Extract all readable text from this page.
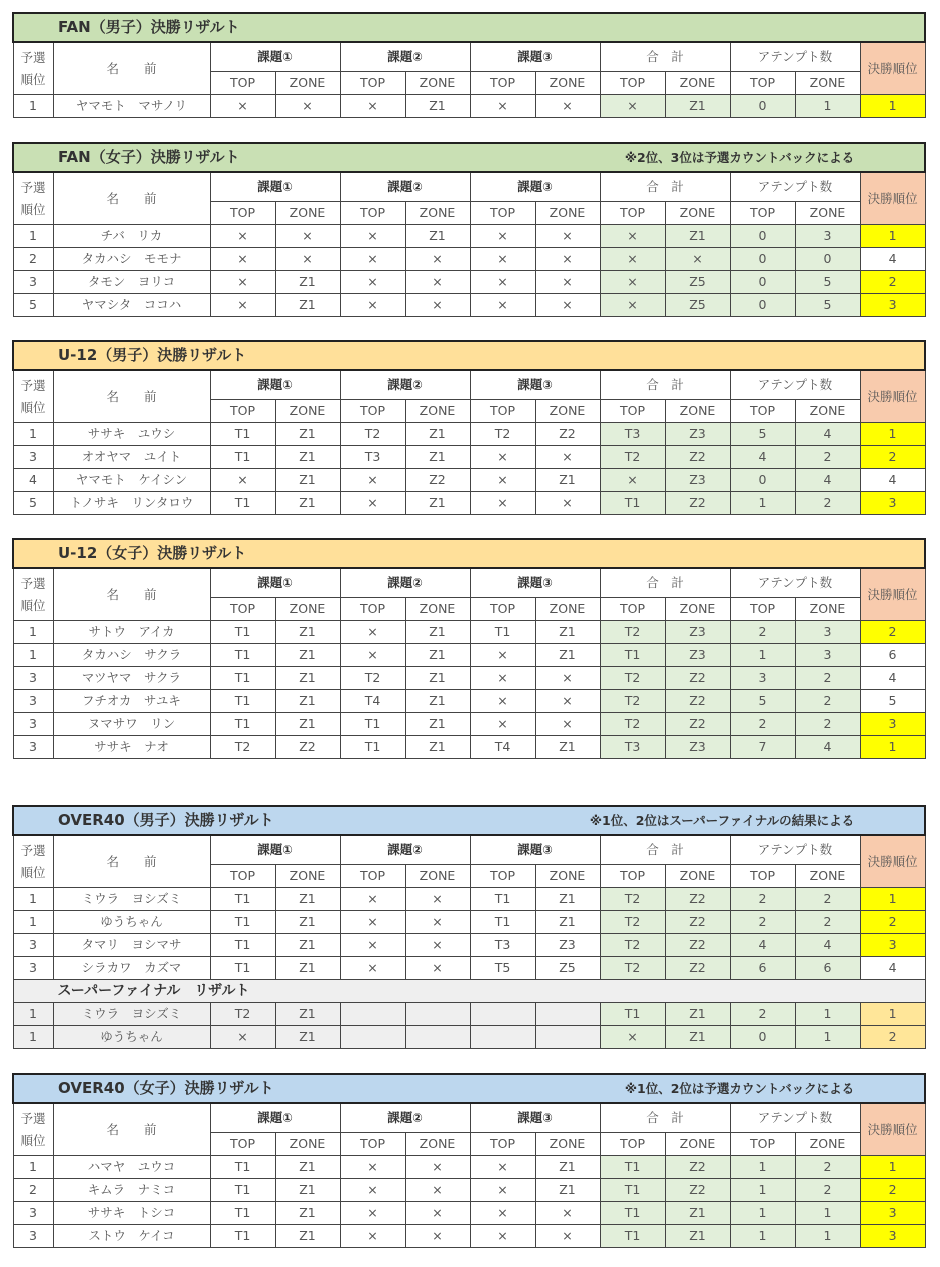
FAN（男子）決勝リザルト												

予選
順位	名　　前	課題①		課題②		課題③		合　計		アテンプト数		決勝順位
		TOP	ZONE	TOP	ZONE	TOP	ZONE	TOP	ZONE	TOP	ZONE	
1	ヤマモト　マサノリ	×	×	×	Z1	×	×	×	Z1	0	1	1
FAN（女子）決勝リザルト ※2位、3位は予選カウントバックによる												

予選
順位	名　　前	課題①		課題②		課題③		合　計		アテンプト数		決勝順位
		TOP	ZONE	TOP	ZONE	TOP	ZONE	TOP	ZONE	TOP	ZONE	
1	チバ　リカ	×	×	×	Z1	×	×	×	Z1	0	3	1
2	タカハシ　モモナ	×	×	×	×	×	×	×	×	0	0	4
3	タモン　ヨリコ	×	Z1	×	×	×	×	×	Z5	0	5	2
5	ヤマシタ　ココハ	×	Z1	×	×	×	×	×	Z5	0	5	3
U-12（男子）決勝リザルト												

予選
順位	名　　前	課題①		課題②		課題③		合　計		アテンプト数		決勝順位
		TOP	ZONE	TOP	ZONE	TOP	ZONE	TOP	ZONE	TOP	ZONE	
1	ササキ　ユウシ	T1	Z1	T2	Z1	T2	Z2	T3	Z3	5	4	1
3	オオヤマ　ユイト	T1	Z1	T3	Z1	×	×	T2	Z2	4	2	2
4	ヤマモト　ケイシン	×	Z1	×	Z2	×	Z1	×	Z3	0	4	4
5	トノサキ　リンタロウ	T1	Z1	×	Z1	×	×	T1	Z2	1	2	3
U-12（女子）決勝リザルト												

予選
順位	名　　前	課題①		課題②		課題③		合　計		アテンプト数		決勝順位
		TOP	ZONE	TOP	ZONE	TOP	ZONE	TOP	ZONE	TOP	ZONE	
1	サトウ　アイカ	T1	Z1	×	Z1	T1	Z1	T2	Z3	2	3	2
1	タカハシ　サクラ	T1	Z1	×	Z1	×	Z1	T1	Z3	1	3	6
3	マツヤマ　サクラ	T1	Z1	T2	Z1	×	×	T2	Z2	3	2	4
3	フチオカ　サユキ	T1	Z1	T4	Z1	×	×	T2	Z2	5	2	5
3	ヌマサワ　リン	T1	Z1	T1	Z1	×	×	T2	Z2	2	2	3
3	ササキ　ナオ	T2	Z2	T1	Z1	T4	Z1	T3	Z3	7	4	1
OVER40（男子）決勝リザルト ※1位、2位はスーパーファイナルの結果による												

予選
順位	名　　前	課題①		課題②		課題③		合　計		アテンプト数		決勝順位
		TOP	ZONE	TOP	ZONE	TOP	ZONE	TOP	ZONE	TOP	ZONE	
1	ミウラ　ヨシズミ	T1	Z1	×	×	T1	Z1	T2	Z2	2	2	1
1	ゆうちゃん	T1	Z1	×	×	T1	Z1	T2	Z2	2	2	2
3	タマリ　ヨシマサ	T1	Z1	×	×	T3	Z3	T2	Z2	4	4	3
3	シラカワ　カズマ	T1	Z1	×	×	T5	Z5	T2	Z2	6	6	4
スーパーファイナル　リザルト												
1	ミウラ　ヨシズミ	T2	Z1					T1	Z1	2	1	1
1	ゆうちゃん	×	Z1					×	Z1	0	1	2
OVER40（女子）決勝リザルト ※1位、2位は予選カウントバックによる												

予選
順位	名　　前	課題①		課題②		課題③		合　計		アテンプト数		決勝順位
		TOP	ZONE	TOP	ZONE	TOP	ZONE	TOP	ZONE	TOP	ZONE	
1	ハマヤ　ユウコ	T1	Z1	×	×	×	Z1	T1	Z2	1	2	1
2	キムラ　ナミコ	T1	Z1	×	×	×	Z1	T1	Z2	1	2	2
3	ササキ　トシコ	T1	Z1	×	×	×	×	T1	Z1	1	1	3
3	ストウ　ケイコ	T1	Z1	×	×	×	×	T1	Z1	1	1	3
